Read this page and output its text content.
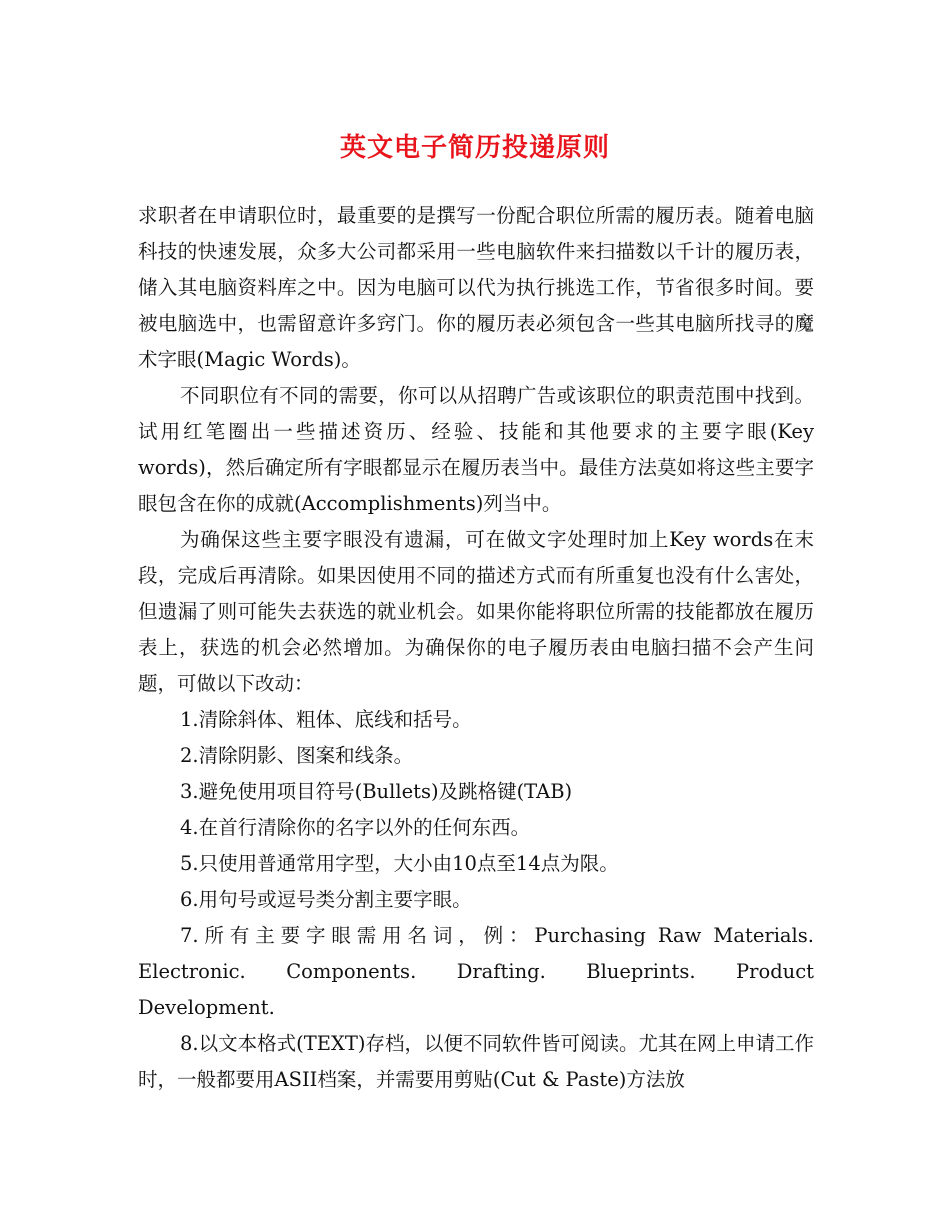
英文电子简历投递原则

求职者在申请职位时，最重要的是撰写一份配合职位所需的履历表。随着电脑科技的快速发展，众多大公司都采用一些电脑软件来扫描数以千计的履历表，储入其电脑资料库之中。因为电脑可以代为执行挑选工作，节省很多时间。要被电脑选中，也需留意许多窍门。你的履历表必须包含一些其电脑所找寻的魔术字眼(Magic Words)。

不同职位有不同的需要，你可以从招聘广告或该职位的职责范围中找到。试用红笔圈出一些描述资历、经验、技能和其他要求的主要字眼(Key words)，然后确定所有字眼都显示在履历表当中。最佳方法莫如将这些主要字眼包含在你的成就(Accomplishments)列当中。

为确保这些主要字眼没有遗漏，可在做文字处理时加上Key words在末段，完成后再清除。如果因使用不同的描述方式而有所重复也没有什么害处，但遗漏了则可能失去获选的就业机会。如果你能将职位所需的技能都放在履历表上，获选的机会必然增加。为确保你的电子履历表由电脑扫描不会产生问题，可做以下改动：

1.清除斜体、粗体、底线和括号。

2.清除阴影、图案和线条。

3.避免使用项目符号(Bullets)及跳格键(TAB)

4.在首行清除你的名字以外的任何东西。

5.只使用普通常用字型，大小由10点至14点为限。

6.用句号或逗号类分割主要字眼。

7.所有主要字眼需用名词，例：Purchasing Raw Materials. Electronic. Components. Drafting. Blueprints. Product Development.

8.以文本格式(TEXT)存档，以便不同软件皆可阅读。尤其在网上申请工作时，一般都要用ASII档案，并需要用剪贴(Cut & Paste)方法放
